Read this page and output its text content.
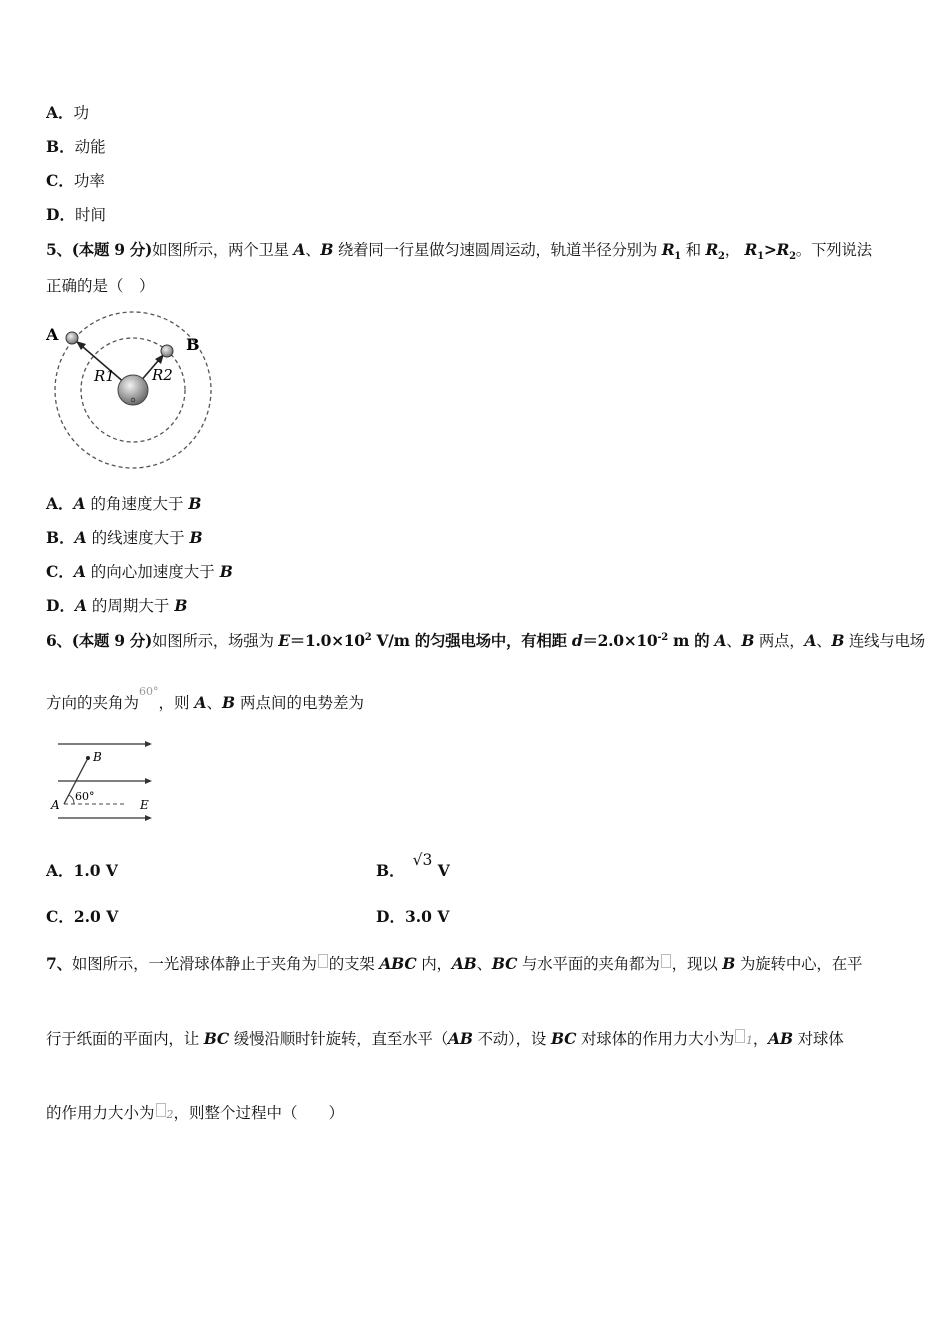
A．功
B．动能
C．功率
D．时间
5、(本题 9 分)如图所示，两个卫星 A、B 绕着同一行星做匀速圆周运动，轨道半径分别为 $R_1$ 和 $R_2$， $R_1>R_2$。下列说法
正确的是（　）
A
B
R1 R2
A．A 的角速度大于 B
B．A 的线速度大于 B
C．A 的向心加速度大于 B
D．A 的周期大于 B
6、(本题 9 分)如图所示，场强为 $E=1.0\times 10^2$ V/m 的匀强电场中，有相距 $d=2.0\times 10^{-2}$ m 的 A、B 两点，A、B 连线与电场
方向的夹角为$^{60^\circ}$，则 A、B 两点间的电势差为
B
A
60°
E
A．1.0 V	B．√3 V
C．2.0 V	D．3.0 V
7、如图所示，一光滑球体静止于夹角为 的支架 ABC 内，AB、BC 与水平面的夹角都为 ，现以 B 为旋转中心，在平
行于纸面的平面内，让 BC 缓慢沿顺时针旋转，直至水平（AB 不动），设 BC 对球体的作用力大小为 1，AB 对球体
的作用力大小为 2，则整个过程中（　　）
